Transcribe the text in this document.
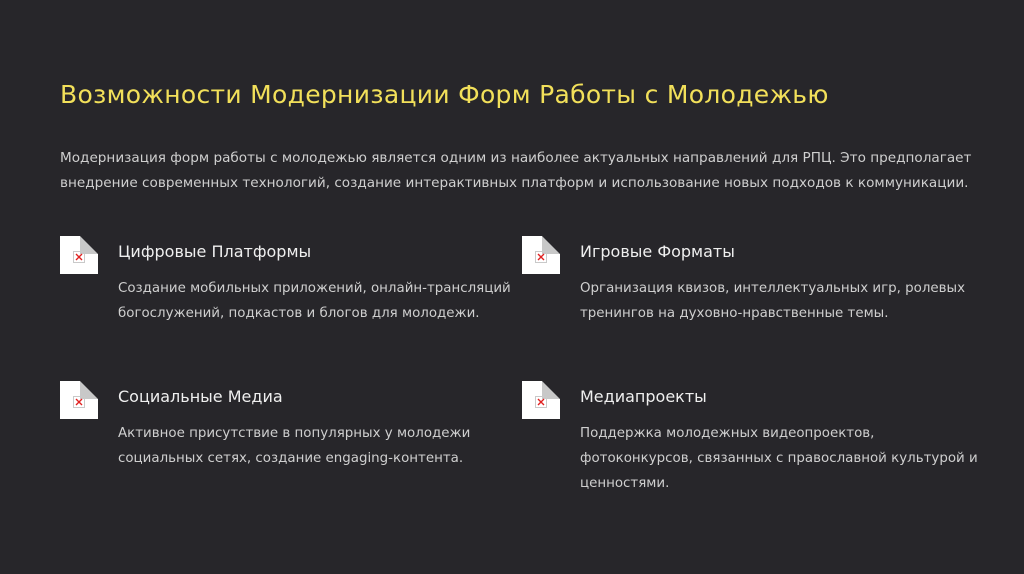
Возможности Модернизации Форм Работы с Молодежью

Модернизация форм работы с молодежью является одним из наиболее актуальных направлений для РПЦ. Это предполагает внедрение современных технологий, создание интерактивных платформ и использование новых подходов к коммуникации.

Цифровые Платформы

Создание мобильных приложений, онлайн-трансляций богослужений, подкастов и блогов для молодежи.

Игровые Форматы

Организация квизов, интеллектуальных игр, ролевых тренингов на духовно-нравственные темы.

Социальные Медиа

Активное присутствие в популярных у молодежи социальных сетях, создание engaging-контента.

Медиапроекты

Поддержка молодежных видеопроектов, фотоконкурсов, связанных с православной культурой и ценностями.
